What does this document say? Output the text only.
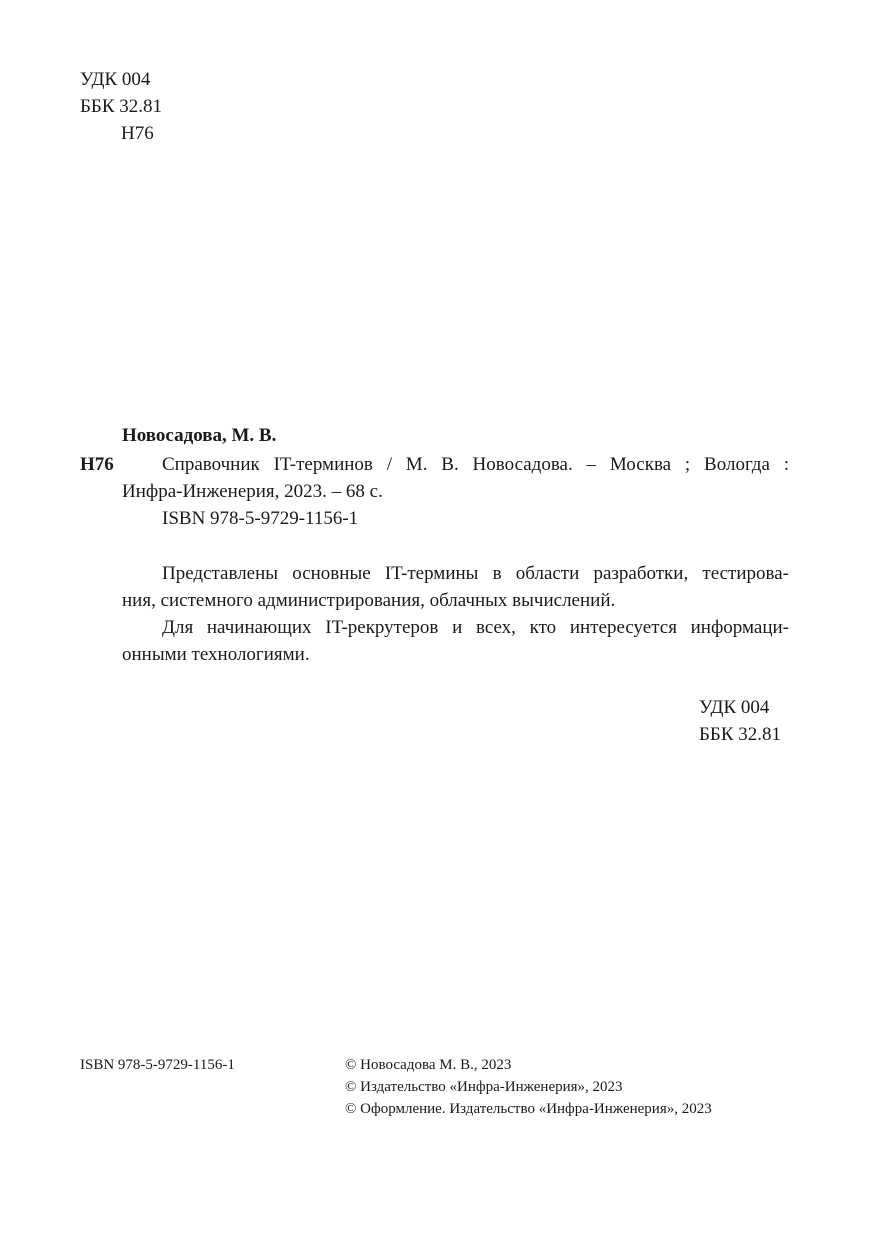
УДК 004
ББК 32.81
Н76
Новосадова, М. В.
Н76	Справочник IT-терминов / М. В. Новосадова. – Москва ; Вологда :
Инфра-Инженерия, 2023. – 68 с.
ISBN 978-5-9729-1156-1
Представлены основные IT-термины в области разработки, тестирова-
ния, системного администрирования, облачных вычислений.
Для начинающих IT-рекрутеров и всех, кто интересуется информаци-
онными технологиями.
УДК 004
ББК 32.81
ISBN 978-5-9729-1156-1	© Новосадова М. В., 2023
© Издательство «Инфра-Инженерия», 2023
© Оформление. Издательство «Инфра-Инженерия», 2023
